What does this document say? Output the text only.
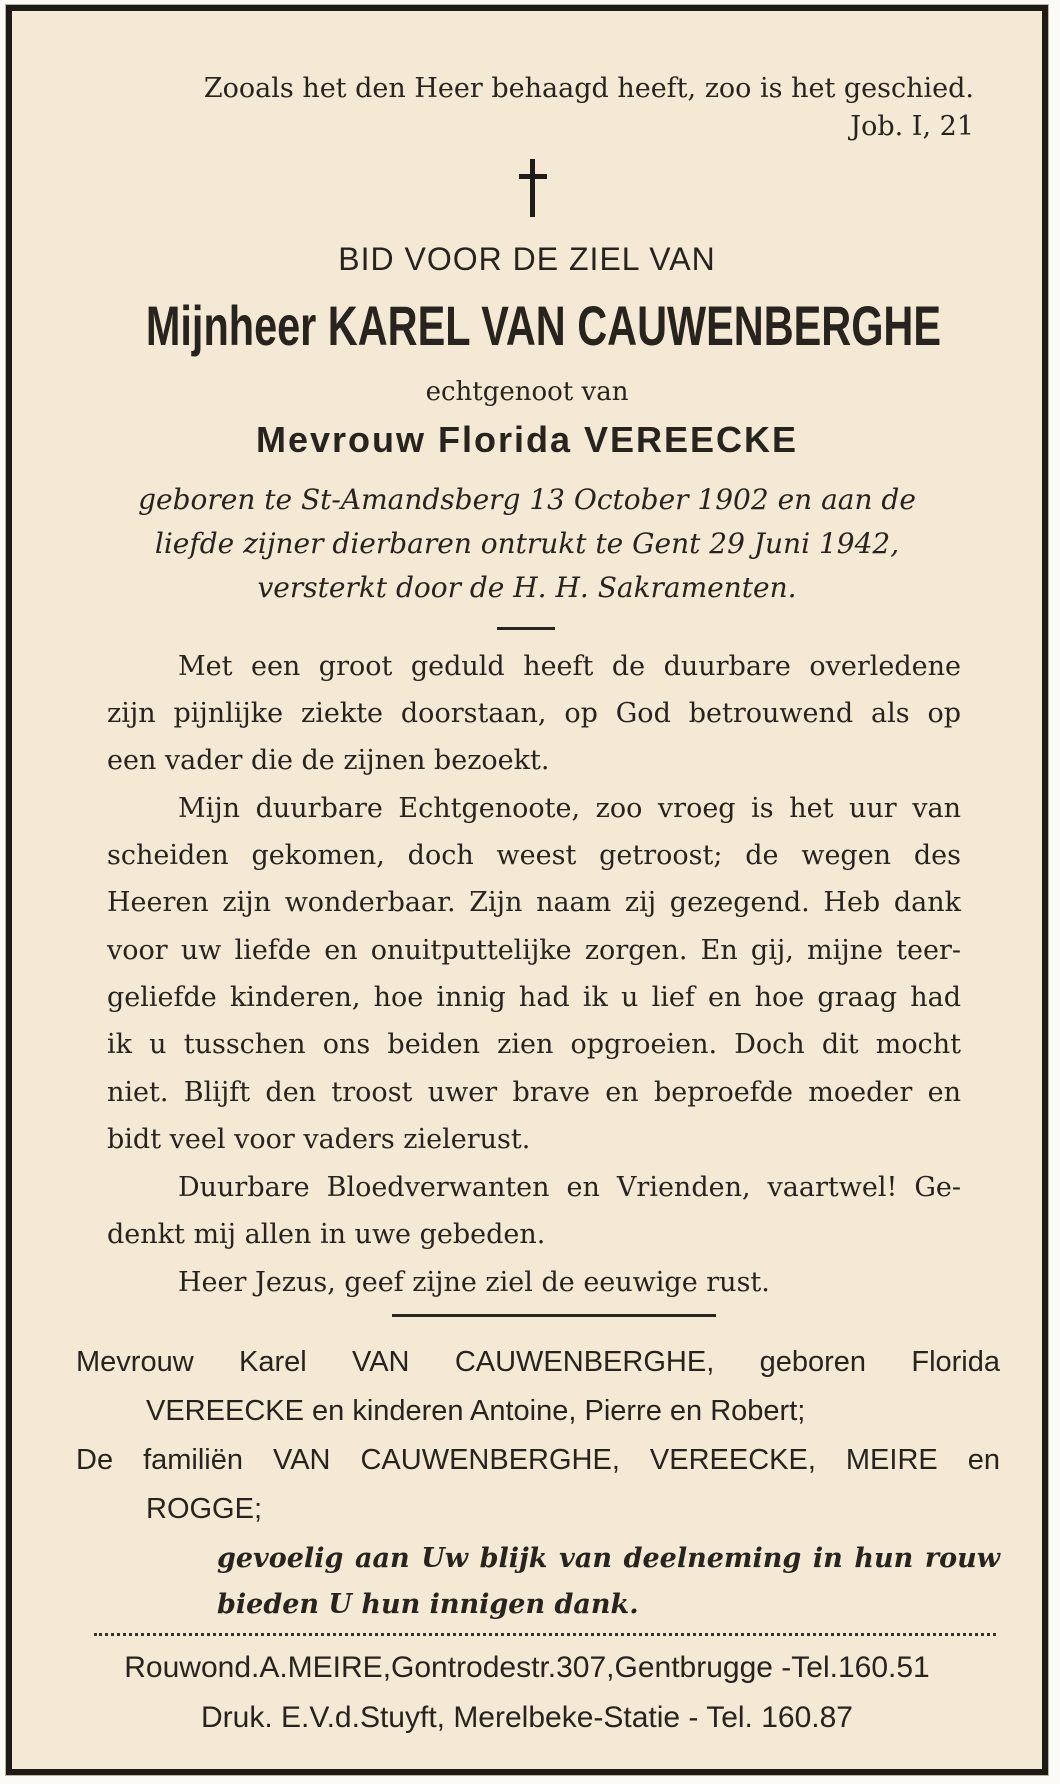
Zooals het den Heer behaagd heeft, zoo is het geschied.

Job. I, 21

BID VOOR DE ZIEL VAN

Mijnheer KAREL VAN CAUWENBERGHE

echtgenoot van

Mevrouw Florida VEREECKE

geboren te St-Amandsberg 13 October 1902 en aan de

liefde zijner dierbaren ontrukt te Gent 29 Juni 1942,

versterkt door de H. H. Sakramenten.

Met een groot geduld heeft de duurbare overledene

zijn pijnlijke ziekte doorstaan, op God betrouwend als op

een vader die de zijnen bezoekt.

Mijn duurbare Echtgenoote, zoo vroeg is het uur van

scheiden gekomen, doch weest getroost; de wegen des

Heeren zijn wonderbaar. Zijn naam zij gezegend. Heb dank

voor uw liefde en onuitputtelijke zorgen. En gij, mijne teer-

geliefde kinderen, hoe innig had ik u lief en hoe graag had

ik u tusschen ons beiden zien opgroeien. Doch dit mocht

niet. Blijft den troost uwer brave en beproefde moeder en

bidt veel voor vaders zielerust.

Duurbare Bloedverwanten en Vrienden, vaartwel! Ge-

denkt mij allen in uwe gebeden.

Heer Jezus, geef zijne ziel de eeuwige rust.

Mevrouw Karel VAN CAUWENBERGHE, geboren Florida

VEREECKE en kinderen Antoine, Pierre en Robert;

De familiën VAN CAUWENBERGHE, VEREECKE, MEIRE en

ROGGE;

gevoelig aan Uw blijk van deelneming in hun rouw

bieden U hun innigen dank.

Rouwond.A.MEIRE,Gontrodestr.307,Gentbrugge -Tel.160.51

Druk. E.V.d.Stuyft, Merelbeke-Statie - Tel. 160.87
